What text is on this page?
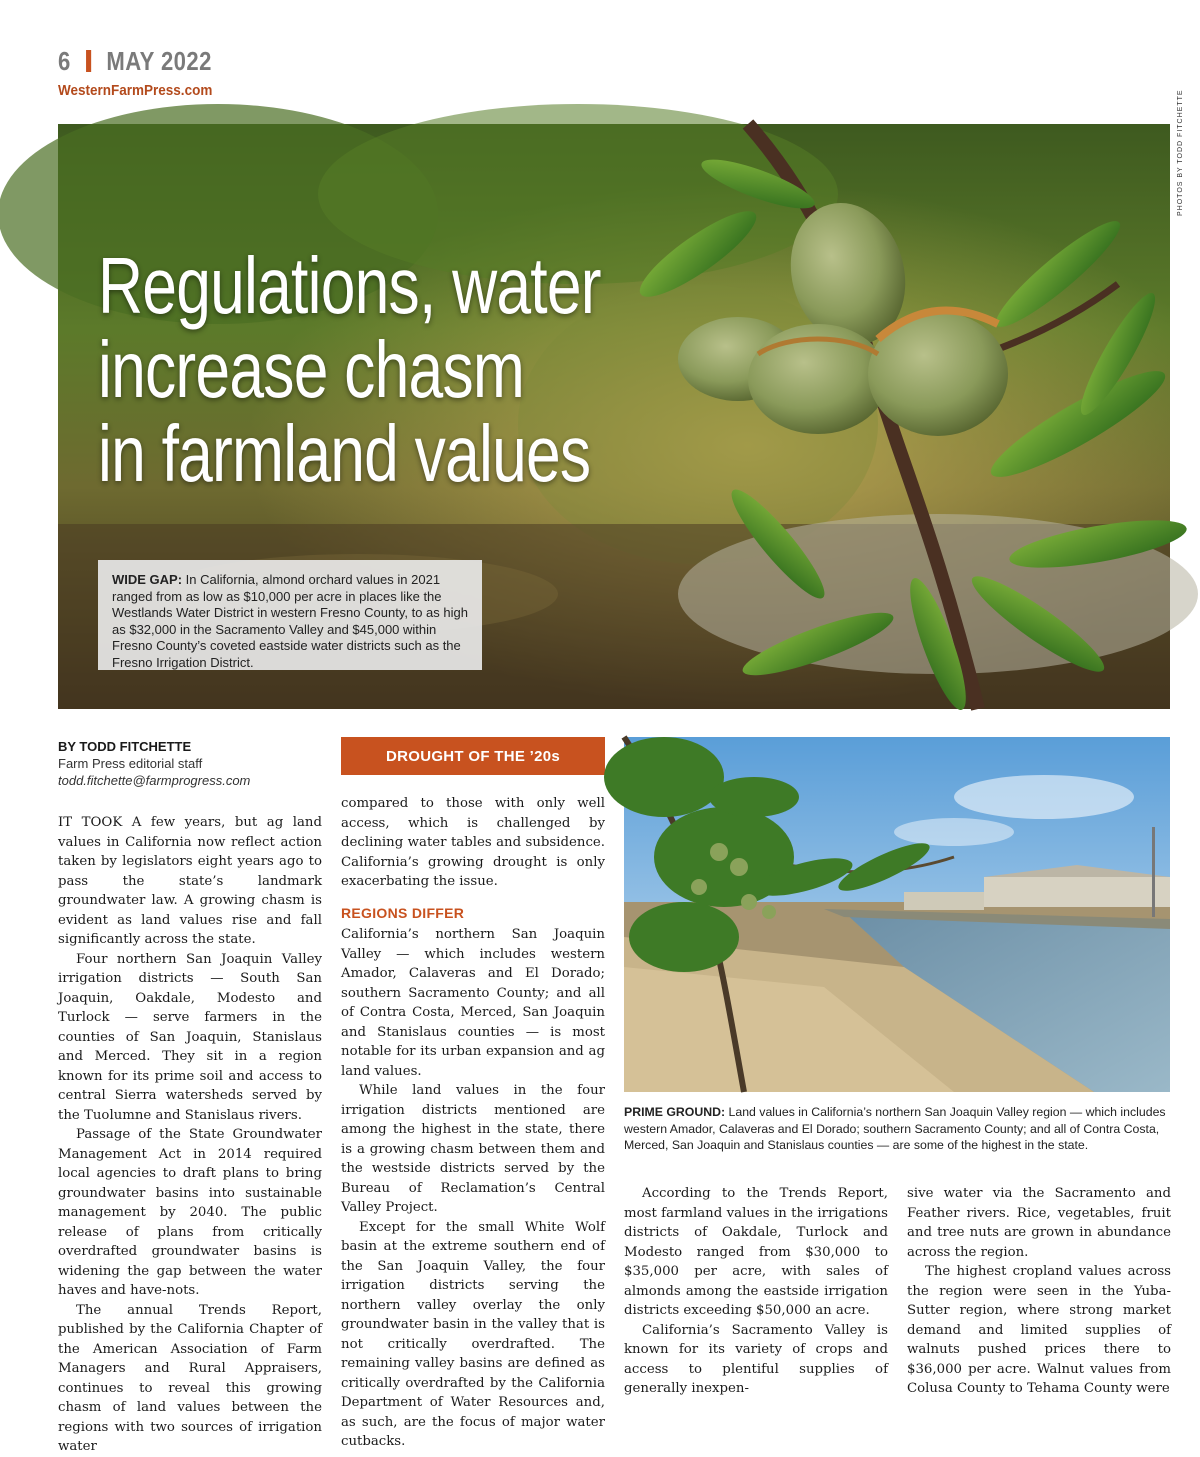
6 MAY 2022
WesternFarmPress.com	PHOTOS BY TODD FITCHETTE
Regulations, water
increase chasm
in farmland values
WIDE GAP: In California, almond orchard values in 2021 ranged from as low as $10,000 per acre in places like the Westlands Water District in western Fresno County, to as high as $32,000 in the Sacramento Valley and $45,000 within Fresno County’s coveted eastside water districts such as the Fresno Irrigation District.
BY TODD FITCHETTE
Farm Press editorial staff
todd.fitchette@farmprogress.com

IT TOOK A few years, but ag land values in California now reflect action taken by legislators eight years ago to pass the state’s landmark groundwater law. A growing chasm is evident as land values rise and fall significantly across the state.

Four northern San Joaquin Valley irrigation districts — South San Joaquin, Oakdale, Modesto and Turlock — serve farmers in the counties of San Joaquin, Stanislaus and Merced. They sit in a region known for its prime soil and access to central Sierra watersheds served by the Tuolumne and Stanislaus rivers.

Passage of the State Groundwater Management Act in 2014 required local agencies to draft plans to bring groundwater basins into sustainable management by 2040. The public release of plans from critically overdrafted groundwater basins is widening the gap between the water haves and have-nots.

The annual Trends Report, published by the California Chapter of the American Association of Farm Managers and Rural Appraisers, continues to reveal this growing chasm of land values between the regions with two sources of irrigation water

DROUGHT OF THE ’20s

compared to those with only well access, which is challenged by declining water tables and subsidence. California’s growing drought is only exacerbating the issue.

REGIONS DIFFER

California’s northern San Joaquin Valley — which includes western Amador, Calaveras and El Dorado; southern Sacramento County; and all of Contra Costa, Merced, San Joaquin and Stanislaus counties — is most notable for its urban expansion and ag land values.

While land values in the four irrigation districts mentioned are among the highest in the state, there is a growing chasm between them and the westside districts served by the Bureau of Reclamation’s Central Valley Project.

Except for the small White Wolf basin at the extreme southern end of the San Joaquin Valley, the four irrigation districts serving the northern valley overlay the only groundwater basin in the valley that is not critically overdrafted. The remaining valley basins are defined as critically overdrafted by the California Department of Water Resources and, as such, are the focus of major water cutbacks.

PRIME GROUND: Land values in California’s northern San Joaquin Valley region — which includes western Amador, Calaveras and El Dorado; southern Sacramento County; and all of Contra Costa, Merced, San Joaquin and Stanislaus counties — are some of the highest in the state.

According to the Trends Report, most farmland values in the irrigations districts of Oakdale, Turlock and Modesto ranged from $30,000 to $35,000 per acre, with sales of almonds among the eastside irrigation districts exceeding $50,000 an acre.

California’s Sacramento Valley is known for its variety of crops and access to plentiful supplies of generally inexpen-

sive water via the Sacramento and Feather rivers. Rice, vegetables, fruit and tree nuts are grown in abundance across the region.

The highest cropland values across the region were seen in the Yuba-Sutter region, where strong market demand and limited supplies of walnuts pushed prices there to $36,000 per acre. Walnut values from Colusa County to Tehama County were
